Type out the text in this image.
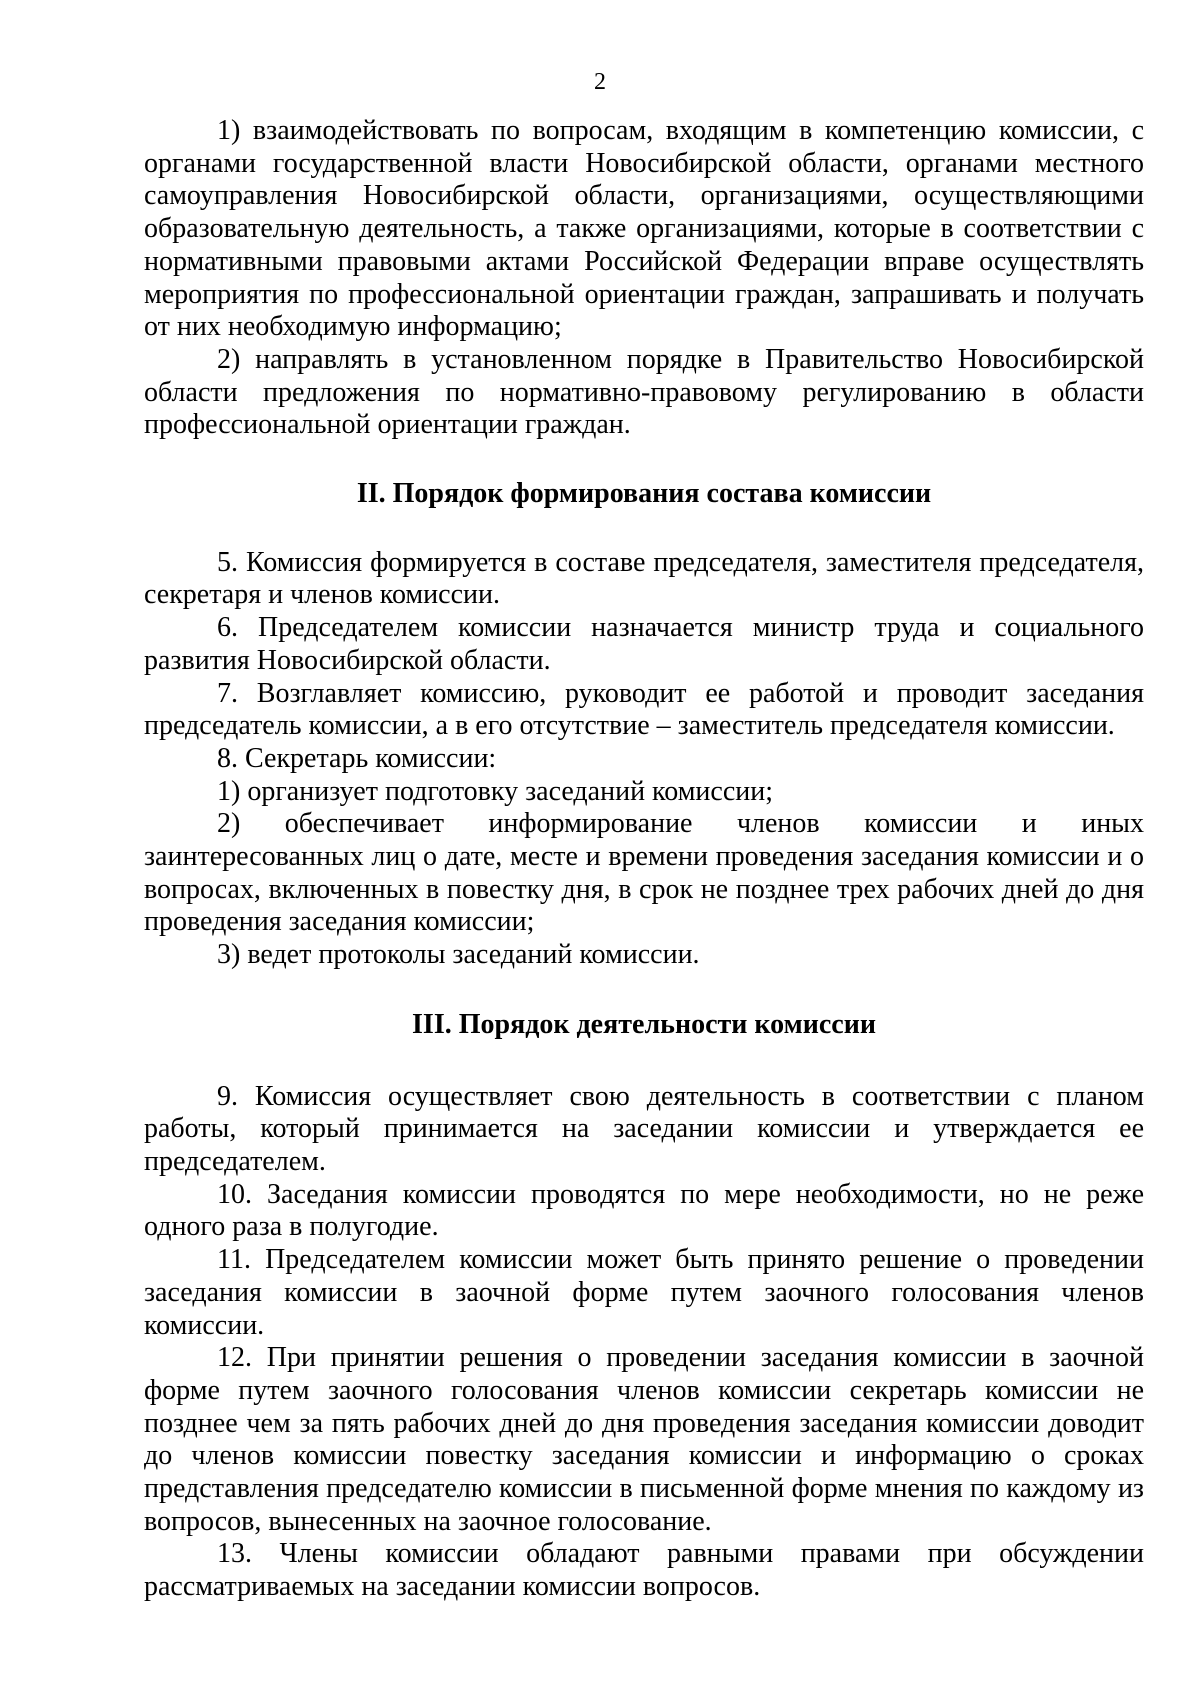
2

1) взаимодействовать по вопросам, входящим в компетенцию комиссии, с органами государственной власти Новосибирской области, органами местного самоуправления Новосибирской области, организациями, осуществляющими образовательную деятельность, а также организациями, которые в соответствии с нормативными правовыми актами Российской Федерации вправе осуществлять мероприятия по профессиональной ориентации граждан, запрашивать и получать от них необходимую информацию;

2) направлять в установленном порядке в Правительство Новосибирской области предложения по нормативно-правовому регулированию в области профессиональной ориентации граждан.

II. Порядок формирования состава комиссии

5. Комиссия формируется в составе председателя, заместителя председателя, секретаря и членов комиссии.

6. Председателем комиссии назначается министр труда и социального развития Новосибирской области.

7. Возглавляет комиссию, руководит ее работой и проводит заседания председатель комиссии, а в его отсутствие – заместитель председателя комиссии.

8. Секретарь комиссии:

1) организует подготовку заседаний комиссии;

2) обеспечивает информирование членов комиссии и иных заинтересованных лиц о дате, месте и времени проведения заседания комиссии и о вопросах, включенных в повестку дня, в срок не позднее трех рабочих дней до дня проведения заседания комиссии;

3) ведет протоколы заседаний комиссии.

III. Порядок деятельности комиссии

9. Комиссия осуществляет свою деятельность в соответствии с планом работы, который принимается на заседании комиссии и утверждается ее председателем.

10. Заседания комиссии проводятся по мере необходимости, но не реже одного раза в полугодие.

11. Председателем комиссии может быть принято решение о проведении заседания комиссии в заочной форме путем заочного голосования членов комиссии.

12. При принятии решения о проведении заседания комиссии в заочной форме путем заочного голосования членов комиссии секретарь комиссии не позднее чем за пять рабочих дней до дня проведения заседания комиссии доводит до членов комиссии повестку заседания комиссии и информацию о сроках представления председателю комиссии в письменной форме мнения по каждому из вопросов, вынесенных на заочное голосование.

13. Члены комиссии обладают равными правами при обсуждении рассматриваемых на заседании комиссии вопросов.
